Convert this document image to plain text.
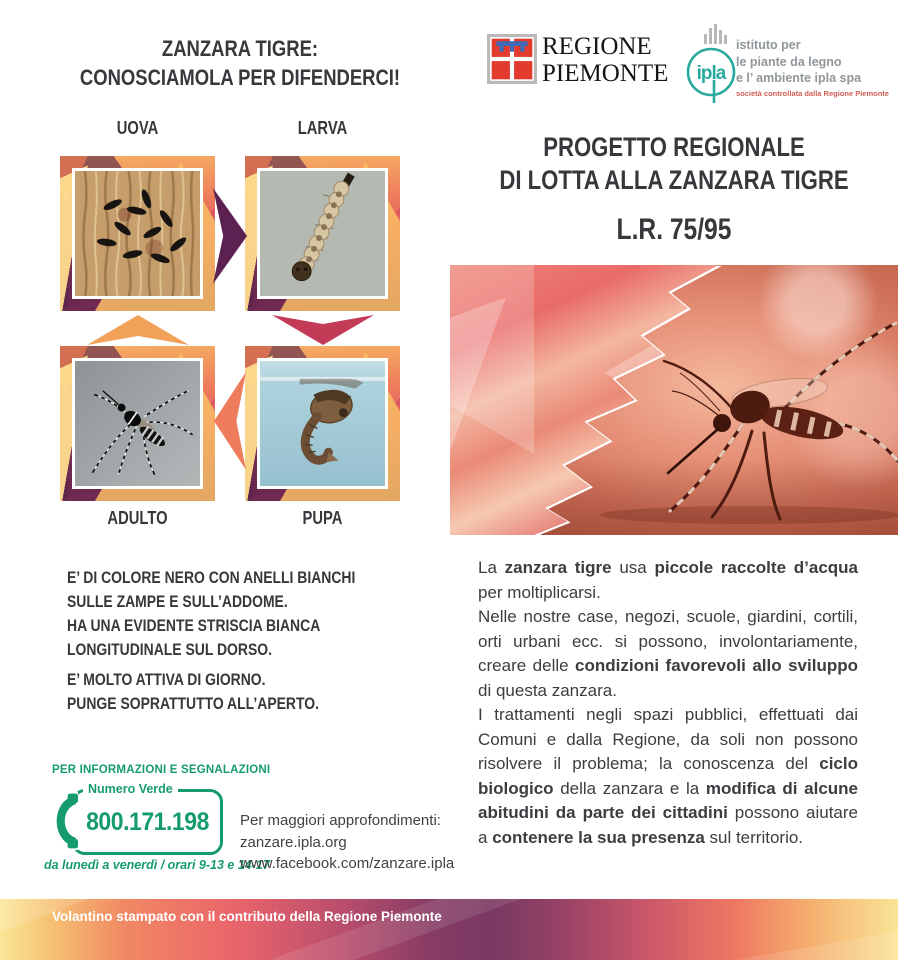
ZANZARA TIGRE:
CONOSCIAMOLA PER DIFENDERCI!
UOVA	LARVA
ADULTO	PUPA
E’ DI COLORE NERO CON ANELLI BIANCHI
SULLE ZAMPE E SULL’ADDOME.
HA UNA EVIDENTE STRISCIA BIANCA
LONGITUDINALE SUL DORSO.
E’ MOLTO ATTIVA DI GIORNO.
PUNGE SOPRATTUTTO ALL’APERTO.
PER INFORMAZIONI E SEGNALAZIONI
Numero Verde
800.171.198
da lunedì a venerdì / orari 9-13 e 14-17
Per maggiori approfondimenti:
zanzare.ipla.org
www.facebook.com/zanzare.ipla
REGIONE
PIEMONTE ipla
istituto per
le piante da legno
e l’ ambiente ipla spa
società controllata dalla Regione Piemonte
PROGETTO REGIONALE
DI LOTTA ALLA ZANZARA TIGRE
L.R. 75/95

La zanzara tigre usa piccole raccolte d’acqua per moltiplicarsi.

Nelle nostre case, negozi, scuole, giardini, cortili, orti urbani ecc. si possono, involontariamente, creare delle condizioni favorevoli allo sviluppo di questa zanzara.

I trattamenti negli spazi pubblici, effettuati dai Comuni e dalla Regione, da soli non possono risolvere il problema; la conoscenza del ciclo biologico della zanzara e la modifica di alcune abitudini da parte dei cittadini possono aiutare a contenere la sua presenza sul territorio.

Volantino stampato con il contributo della Regione Piemonte
